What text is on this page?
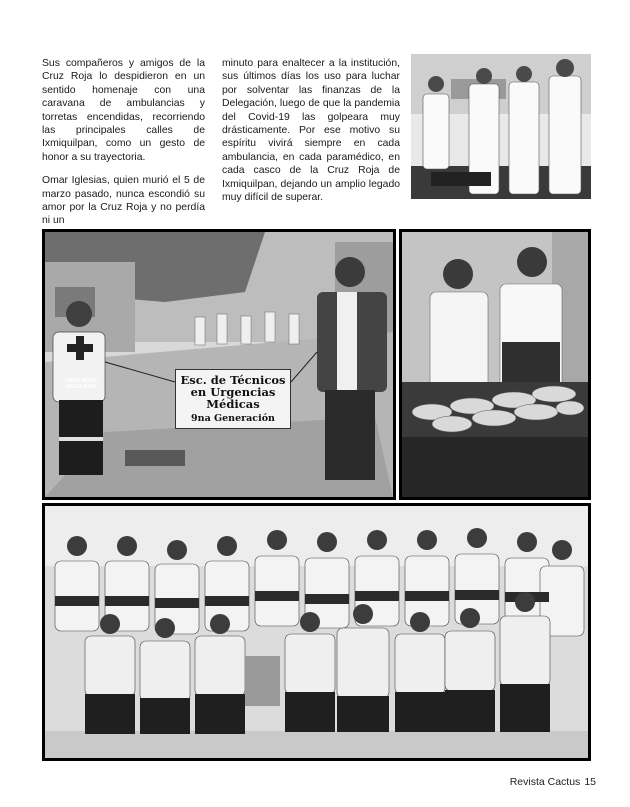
Sus compañeros y amigos de la Cruz Roja lo despidieron en un sentido homenaje con una caravana de ambulancias y torretas encendidas, recorriendo las principales calles de Ixmiquilpan, como un gesto de honor a su trayectoria.

Omar Iglesias, quien murió el 5 de marzo pasado, nunca escondió su amor por la Cruz Roja y no perdía ni un

minuto para enaltecer a la institución, sus últimos días los uso para luchar por solventar las finanzas de la Delegación, luego de que la pandemia del Covid-19 las golpeara muy drásticamente. Por ese motivo su espíritu vivirá siempre en cada ambulancia, en cada paramédico, en cada casco de la Cruz Roja de Ixmiquilpan, dejando un amplio legado muy difícil de superar.

CRUZ ROJA MEXICANA	Esc. de Técnicos
en Urgencias
Médicas
9na Generación
Revista Cactus 15
